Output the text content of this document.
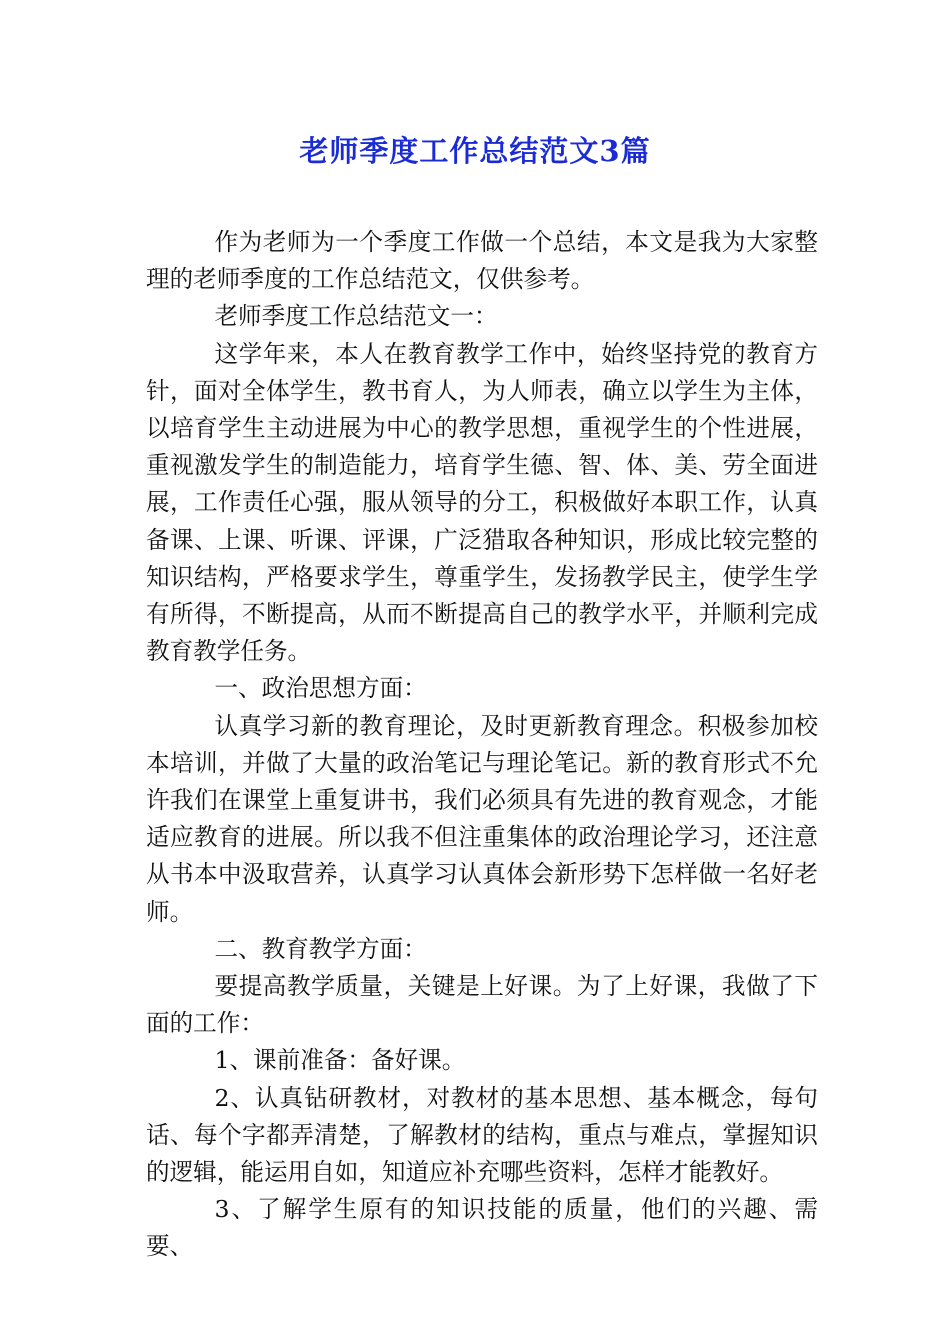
老师季度工作总结范文3篇

作为老师为一个季度工作做一个总结，本文是我为大家整理的老师季度的工作总结范文，仅供参考。

老师季度工作总结范文一：

这学年来，本人在教育教学工作中，始终坚持党的教育方针，面对全体学生，教书育人，为人师表，确立以学生为主体，以培育学生主动进展为中心的教学思想，重视学生的个性进展，重视激发学生的制造能力，培育学生德、智、体、美、劳全面进展，工作责任心强，服从领导的分工，积极做好本职工作，认真备课、上课、听课、评课，广泛猎取各种知识，形成比较完整的知识结构，严格要求学生，尊重学生，发扬教学民主，使学生学有所得，不断提高，从而不断提高自己的教学水平，并顺利完成教育教学任务。

一、政治思想方面：

认真学习新的教育理论，及时更新教育理念。积极参加校本培训，并做了大量的政治笔记与理论笔记。新的教育形式不允许我们在课堂上重复讲书，我们必须具有先进的教育观念，才能适应教育的进展。所以我不但注重集体的政治理论学习，还注意从书本中汲取营养，认真学习认真体会新形势下怎样做一名好老师。

二、教育教学方面：

要提高教学质量，关键是上好课。为了上好课，我做了下面的工作：

1、课前准备：备好课。

2、认真钻研教材，对教材的基本思想、基本概念，每句话、每个字都弄清楚，了解教材的结构，重点与难点，掌握知识的逻辑，能运用自如，知道应补充哪些资料，怎样才能教好。

3、了解学生原有的知识技能的质量，他们的兴趣、需要、
